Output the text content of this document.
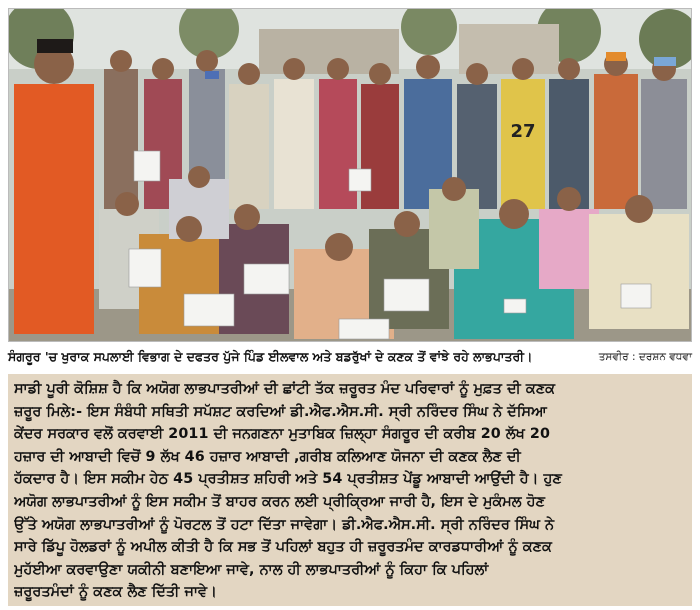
27
ਸੰਗਰੂਰ 'ਚ ਖੁਰਾਕ ਸਪਲਾਈ ਵਿਭਾਗ ਦੇ ਦਫਤਰ ਪੁੱਜੇ ਪਿੰਡ ਈਲਵਾਲ ਅਤੇ ਬਡਰੁੱਖਾਂ ਦੇ ਕਣਕ ਤੋਂ ਵਾਂਝੇ ਰਹੇ ਲਾਭਪਾਤਰੀ।	ਤਸਵੀਰ : ਦਰਸ਼ਨ ਵਧਵਾ
ਸਾਡੀ ਪੂਰੀ ਕੋਸ਼ਿਸ਼ ਹੈ ਕਿ ਅਯੋਗ ਲਾਭਪਾਤਰੀਆਂ ਦੀ ਛਾਂਟੀ ਤੱਕ ਜ਼ਰੂਰਤ ਮੰਦ ਪਰਿਵਾਰਾਂ ਨੂੰ ਮੁਫ਼ਤ ਦੀ ਕਣਕ
ਜ਼ਰੂਰ ਮਿਲੇ:- ਇਸ ਸੰਬੰਧੀ ਸਥਿਤੀ ਸਪੱਸ਼ਟ ਕਰਦਿਆਂ ਡੀ.ਐਫ.ਐਸ.ਸੀ. ਸ੍ਰੀ ਨਰਿੰਦਰ ਸਿੰਘ ਨੇ ਦੱਸਿਆ
ਕੇਂਦਰ ਸਰਕਾਰ ਵਲੋਂ ਕਰਵਾਈ 2011 ਦੀ ਜਨਗਣਨਾ ਮੁਤਾਬਿਕ ਜ਼ਿਲ੍ਹਾ ਸੰਗਰੂਰ ਦੀ ਕਰੀਬ 20 ਲੱਖ 20
ਹਜ਼ਾਰ ਦੀ ਆਬਾਦੀ ਵਿਚੋਂ 9 ਲੱਖ 46 ਹਜ਼ਾਰ ਆਬਾਦੀ ,ਗਰੀਬ ਕਲਿਆਣ ਯੋਜਨਾ ਦੀ ਕਣਕ ਲੈਣ ਦੀ
ਹੱਕਦਾਰ ਹੈ। ਇਸ ਸਕੀਮ ਹੇਠ 45 ਪ੍ਰਤੀਸ਼ਤ ਸ਼ਹਿਰੀ ਅਤੇ 54 ਪ੍ਰਤੀਸ਼ਤ ਪੇਂਡੂ ਆਬਾਦੀ ਆਉਂਦੀ ਹੈ। ਹੁਣ
ਅਯੋਗ ਲਾਭਪਾਤਰੀਆਂ ਨੂੰ ਇਸ ਸਕੀਮ ਤੋਂ ਬਾਹਰ ਕਰਨ ਲਈ ਪ੍ਰੀਕ੍ਰਿਆ ਜਾਰੀ ਹੈ, ਇਸ ਦੇ ਮੁਕੰਮਲ ਹੋਣ
ਉੱਤੇ ਅਯੋਗ ਲਾਭਪਾਤਰੀਆਂ ਨੂੰ ਪੋਰਟਲ ਤੋਂ ਹਟਾ ਦਿੱਤਾ ਜਾਵੇਗਾ। ਡੀ.ਐਫ.ਐਸ.ਸੀ. ਸ੍ਰੀ ਨਰਿੰਦਰ ਸਿੰਘ ਨੇ
ਸਾਰੇ ਡਿੱਪੂ ਹੋਲਡਰਾਂ ਨੂੰ ਅਪੀਲ ਕੀਤੀ ਹੈ ਕਿ ਸਭ ਤੋਂ ਪਹਿਲਾਂ ਬਹੁਤ ਹੀ ਜ਼ਰੂਰਤਮੰਦ ਕਾਰਡਧਾਰੀਆਂ ਨੂੰ ਕਣਕ
ਮੁਹੱਈਆ ਕਰਵਾਉਣਾ ਯਕੀਨੀ ਬਣਾਇਆ ਜਾਵੇ, ਨਾਲ ਹੀ ਲਾਭਪਾਤਰੀਆਂ ਨੂੰ ਕਿਹਾ ਕਿ ਪਹਿਲਾਂ
ਜ਼ਰੂਰਤਮੰਦਾਂ ਨੂੰ ਕਣਕ ਲੈਣ ਦਿੱਤੀ ਜਾਵੇ।
